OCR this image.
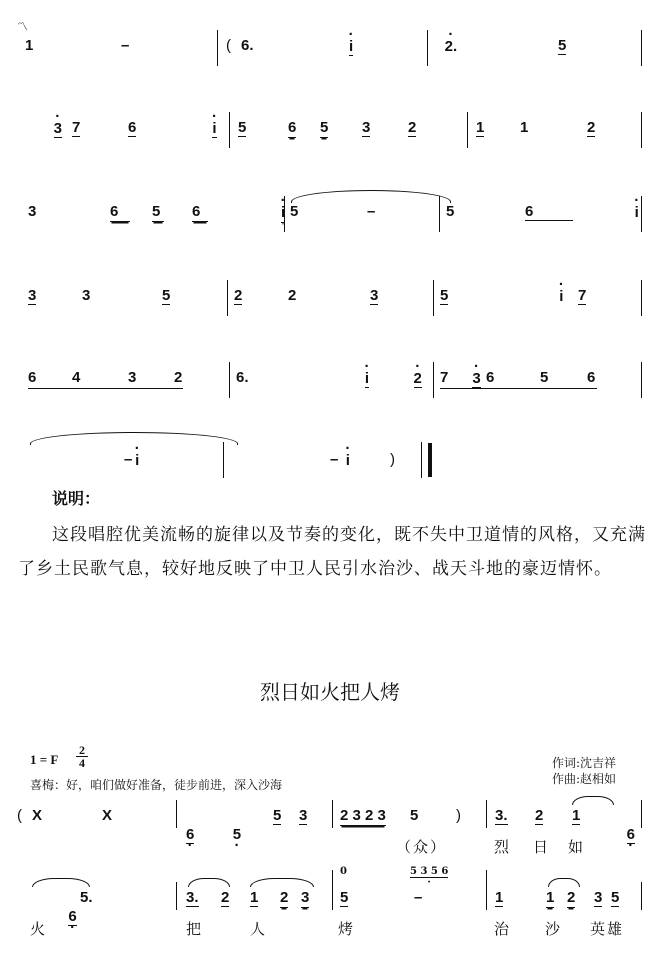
〽
1	–	( 6.	· i	· 2.	5
· 3 7	6	· i 5	6 5 3	2	1 1	2
3	6	5 6	· i 5	–	5	6	· i
3	3	5	2	2	3	5	· i 7
6 4	3	2	6.	· i	· 2	· 3
7	6	5	6
· i
–	· i
–	)
说明：
这段唱腔优美流畅的旋律以及节奏的变化，既不失中卫道情的风格，又充满了乡土民歌气息，较好地反映了中卫人民引水治沙、战天斗地的豪迈情怀。
烈日如火把人烤
1 = F
2
4	作词:沈吉祥
作曲:赵相如
喜梅：好，咱们做好准备，徒步前进，深入沙海
( X	X
6 ·	5 ·
5 3 2 3 2 3 5	) 3. 2 1
6 ·
（众）	烈 日 如
6 ·
5.	3. 2 1 2 3
0
5
5 3 5 6 ·
–	1	1 2 3 5
火	把	人	烤	治 沙 英雄
